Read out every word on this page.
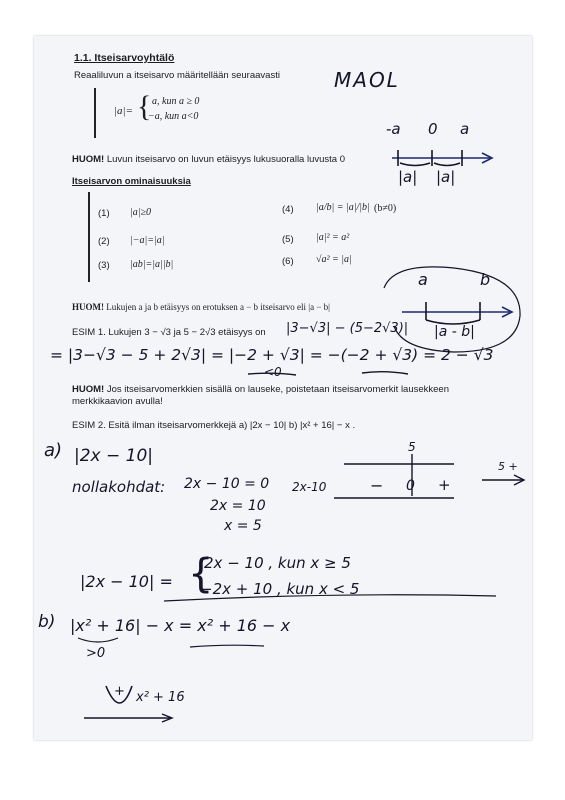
1.1. Itseisarvoyhtälö
Reaaliluvun a itseisarvo määritellään seuraavasti
|a|= { a, kun a ≥ 0
−a, kun a<0
HUOM! Luvun itseisarvo on luvun etäisyys lukusuoralla luvusta 0
Itseisarvon ominaisuuksia
(1) |a|≥0
(2) |−a|=|a|
(3) |ab|=|a||b|
(4) |a/b| = |a|/|b| (b≠0)
(5) |a|² = a²
(6) √a² = |a|
HUOM! Lukujen a ja b etäisyys on erotuksen a − b itseisarvo eli |a − b|
ESIM 1. Lukujen 3 − √3 ja 5 − 2√3 etäisyys on
HUOM! Jos itseisarvomerkkien sisällä on lauseke, poistetaan itseisarvomerkit lausekkeen
merkkikaavion avulla!
ESIM 2. Esitä ilman itseisarvomerkkejä a) |2x − 10| b) |x² + 16| − x .
MAOL
-a 0 a
|a| |a|
a	b
|a - b|
|3−√3| − (5−2√3)|
= |3−√3 − 5 + 2√3| = |−2 + √3| = −(−2 + √3) = 2 − √3
<0
a) |2x − 10|
nollakohdat: 2x − 10 = 0
2x = 10
x = 5
2x-10
5
− 0 +
5 +
|2x − 10| = {
2x − 10 , kun x ≥ 5
−2x + 10 , kun x < 5
b) |x² + 16| − x = x² + 16 − x
>0
+ x² + 16
